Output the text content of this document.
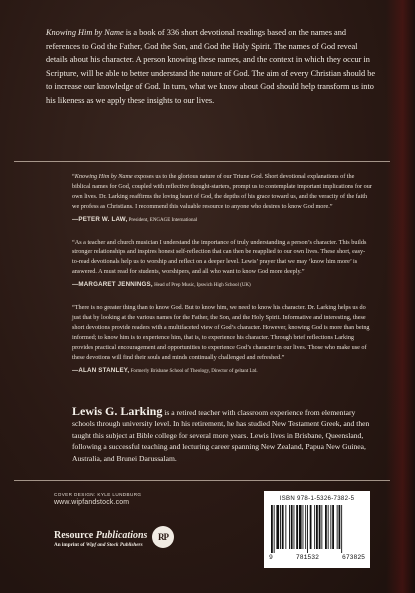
Knowing Him by Name is a book of 336 short devotional readings based on the names and references to God the Father, God the Son, and God the Holy Spirit. The names of God reveal details about his character. A person knowing these names, and the context in which they occur in Scripture, will be able to better understand the nature of God. The aim of every Christian should be to increase our knowledge of God. In turn, what we know about God should help transform us into his likeness as we apply these insights to our lives.

“Knowing Him by Name exposes us to the glorious nature of our Triune God. Short devotional explanations of the biblical names for God, coupled with reflective thought-starters, prompt us to contemplate important implications for our own lives. Dr. Larking reaffirms the loving heart of God, the depths of his grace toward us, and the veracity of the faith we profess as Christians. I recommend this valuable resource to anyone who desires to know God more.”

—PETER W. LAW, President, ENGAGE International

“As a teacher and church musician I understand the importance of truly understanding a person’s character. This builds stronger relationships and inspires honest self-reflection that can then be reapplied to our own lives. These short, easy-to-read devotionals help us to worship and reflect on a deeper level. Lewis’ prayer that we may ‘know him more’ is answered. A must read for students, worshipers, and all who want to know God more deeply.”

—MARGARET JENNINGS, Head of Prep Music, Ipswich High School (UK)

“There is no greater thing than to know God. But to know him, we need to know his character. Dr. Larking helps us do just that by looking at the various names for the Father, the Son, and the Holy Spirit. Informative and interesting, these short devotions provide readers with a multifaceted view of God’s character. However, knowing God is more than being informed; to know him is to experience him, that is, to experience his character. Through brief reflections Larking provides practical encouragement and opportunities to experience God’s character in our lives. Those who make use of these devotions will find their souls and minds continually challenged and refreshed.”

—ALAN STANLEY, Formerly Brisbane School of Theology, Director of geltant Ltd.

Lewis G. Larking is a retired teacher with classroom experience from elementary schools through university level. In his retirement, he has studied New Testament Greek, and then taught this subject at Bible college for several more years. Lewis lives in Brisbane, Queensland, following a successful teaching and lecturing career spanning New Zealand, Papua New Guinea, Australia, and Brunei Darussalam.
COVER DESIGN: KYLE LUNDBURG
www.wipfandstock.com
Resource Publications
An imprint of Wipf and Stock Publishers
RP
ISBN 978-1-5326-7382-5
9	781532	673825
